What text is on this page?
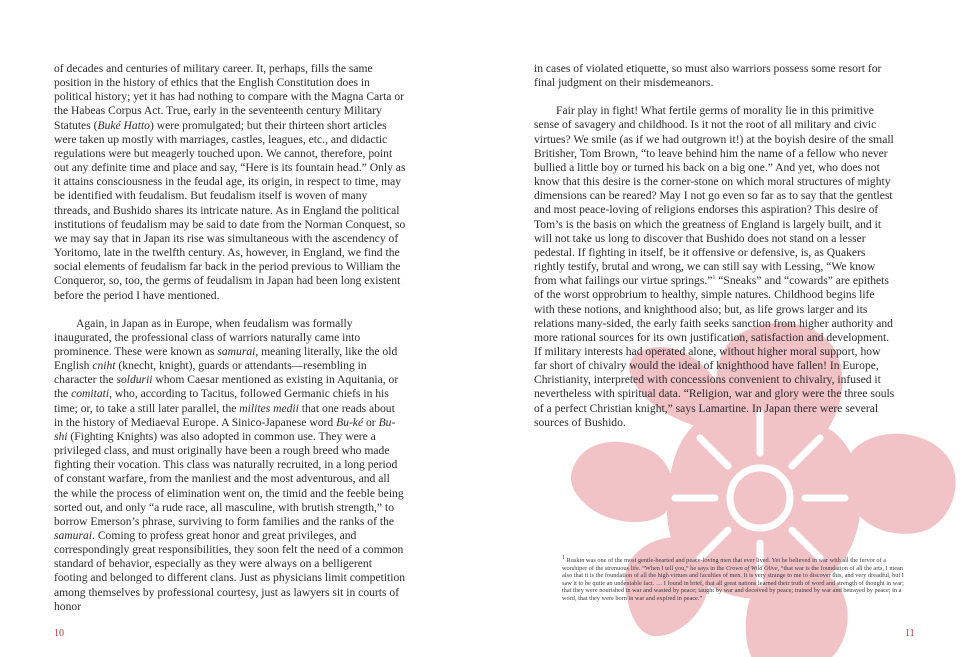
of decades and centuries of military career. It, perhaps, fills the same position in the history of ethics that the English Constitution does in political history; yet it has had nothing to compare with the Magna Carta or the Habeas Corpus Act. True, early in the seventeenth century Military Statutes (Buké Hatto) were promulgated; but their thirteen short articles were taken up mostly with marriages, castles, leagues, etc., and didactic regulations were but meagerly touched upon. We cannot, therefore, point out any definite time and place and say, “Here is its fountain head.” Only as it attains consciousness in the feudal age, its origin, in respect to time, may be identified with feudalism. But feudalism itself is woven of many threads, and Bushido shares its intricate nature. As in England the political institutions of feudalism may be said to date from the Norman Conquest, so we may say that in Japan its rise was simultaneous with the ascendency of Yoritomo, late in the twelfth century. As, however, in England, we find the social elements of feudalism far back in the period previous to William the Conqueror, so, too, the germs of feudalism in Japan had been long existent before the period I have mentioned.

Again, in Japan as in Europe, when feudalism was formally inaugurated, the professional class of warriors naturally came into prominence. These were known as samurai, meaning literally, like the old English cniht (knecht, knight), guards or attendants—resembling in character the soldurii whom Caesar mentioned as existing in Aquitania, or the comitati, who, according to Tacitus, followed Germanic chiefs in his time; or, to take a still later parallel, the milites medii that one reads about in the history of Mediaeval Europe. A Sinico-Japanese word Bu-ké or Bu-shi (Fighting Knights) was also adopted in common use. They were a privileged class, and must originally have been a rough breed who made fighting their vocation. This class was naturally recruited, in a long period of constant warfare, from the manliest and the most adventurous, and all the while the process of elimination went on, the timid and the feeble being sorted out, and only “a rude race, all masculine, with brutish strength,” to borrow Emerson’s phrase, surviving to form families and the ranks of the samurai. Coming to profess great honor and great privileges, and correspondingly great responsibilities, they soon felt the need of a common standard of behavior, especially as they were always on a belligerent footing and belonged to different clans. Just as physicians limit competition among themselves by professional courtesy, just as lawyers sit in courts of honor

10

in cases of violated etiquette, so must also warriors possess some resort for final judgment on their misdemeanors.

Fair play in fight! What fertile germs of morality lie in this primitive sense of savagery and childhood. Is it not the root of all military and civic virtues? We smile (as if we had outgrown it!) at the boyish desire of the small Britisher, Tom Brown, “to leave behind him the name of a fellow who never bullied a little boy or turned his back on a big one.” And yet, who does not know that this desire is the corner-stone on which moral structures of mighty dimensions can be reared? May I not go even so far as to say that the gentlest and most peace-loving of religions endorses this aspiration? This desire of Tom’s is the basis on which the greatness of England is largely built, and it will not take us long to discover that Bushido does not stand on a lesser pedestal. If fighting in itself, be it offensive or defensive, is, as Quakers rightly testify, brutal and wrong, we can still say with Lessing, “We know from what failings our virtue springs.”$^1$ “Sneaks” and “cowards” are epithets of the worst opprobrium to healthy, simple natures. Childhood begins life with these notions, and knighthood also; but, as life grows larger and its relations many-sided, the early faith seeks sanction from higher authority and more rational sources for its own justification, satisfaction and development. If military interests had operated alone, without higher moral support, how far short of chivalry would the ideal of knighthood have fallen! In Europe, Christianity, interpreted with concessions convenient to chivalry, infused it nevertheless with spiritual data. “Religion, war and glory were the three souls of a perfect Christian knight,” says Lamartine. In Japan there were several sources of Bushido.

1 Ruskin was one of the most gentle-hearted and peace-loving men that ever lived. Yet he believed in war with all the fervor of a worshiper of the strenuous life. “When I tell you,” he says in the Crown of Wild Olive, “that war is the foundation of all the arts, I mean also that it is the foundation of all the high virtues and faculties of men. It is very strange to me to discover this, and very dreadful, but I saw it to be quite an undeniable fact. … I found in brief, that all great nations learned their truth of word and strength of thought in war; that they were nourished in war and wasted by peace; taught by war and deceived by peace; trained by war and betrayed by peace; in a word, that they were born in war and expired in peace.”
11
